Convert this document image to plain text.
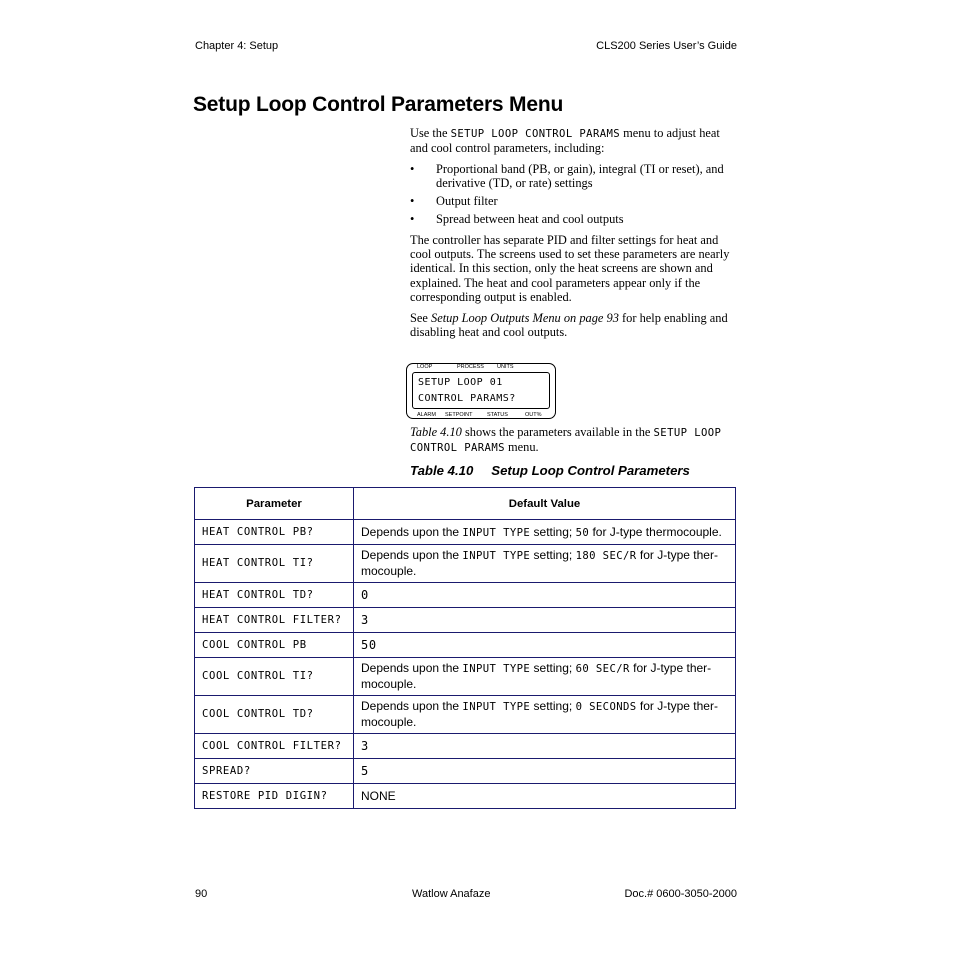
Chapter 4: Setup	CLS200 Series User’s Guide
Setup Loop Control Parameters Menu

Use the SETUP LOOP CONTROL PARAMS menu to adjust heat and cool control parameters, including:

• Proportional band (PB, or gain), integral (TI or reset), and derivative (TD, or rate) settings
• Output filter
• Spread between heat and cool outputs

The controller has separate PID and filter settings for heat and cool outputs. The screens used to set these parameters are nearly identical. In this section, only the heat screens are shown and explained. The heat and cool parameters appear only if the corresponding output is enabled.

See Setup Loop Outputs Menu on page 93 for help enabling and disabling heat and cool outputs.

LOOP	PROCESS UNITS
SETUP LOOP 01
CONTROL PARAMS?
ALARM SETPOINT	STATUS	OUT%
Table 4.10 shows the parameters available in the SETUP LOOP CONTROL PARAMS menu.
Table 4.10 Setup Loop Control Parameters
Parameter	Default Value
HEAT CONTROL PB?	Depends upon the INPUT TYPE setting; 50 for J-type thermocouple.
HEAT CONTROL TI?	Depends upon the INPUT TYPE setting; 180 SEC/R for J-type ther-mocouple.
HEAT CONTROL TD?	0
HEAT CONTROL FILTER?	3
COOL CONTROL PB	50
COOL CONTROL TI?	Depends upon the INPUT TYPE setting; 60 SEC/R for J-type ther-mocouple.
COOL CONTROL TD?	Depends upon the INPUT TYPE setting; 0 SECONDS for J-type ther-mocouple.
COOL CONTROL FILTER?	3
SPREAD?	5
RESTORE PID DIGIN?	NONE
90	Watlow Anafaze	Doc.# 0600-3050-2000
